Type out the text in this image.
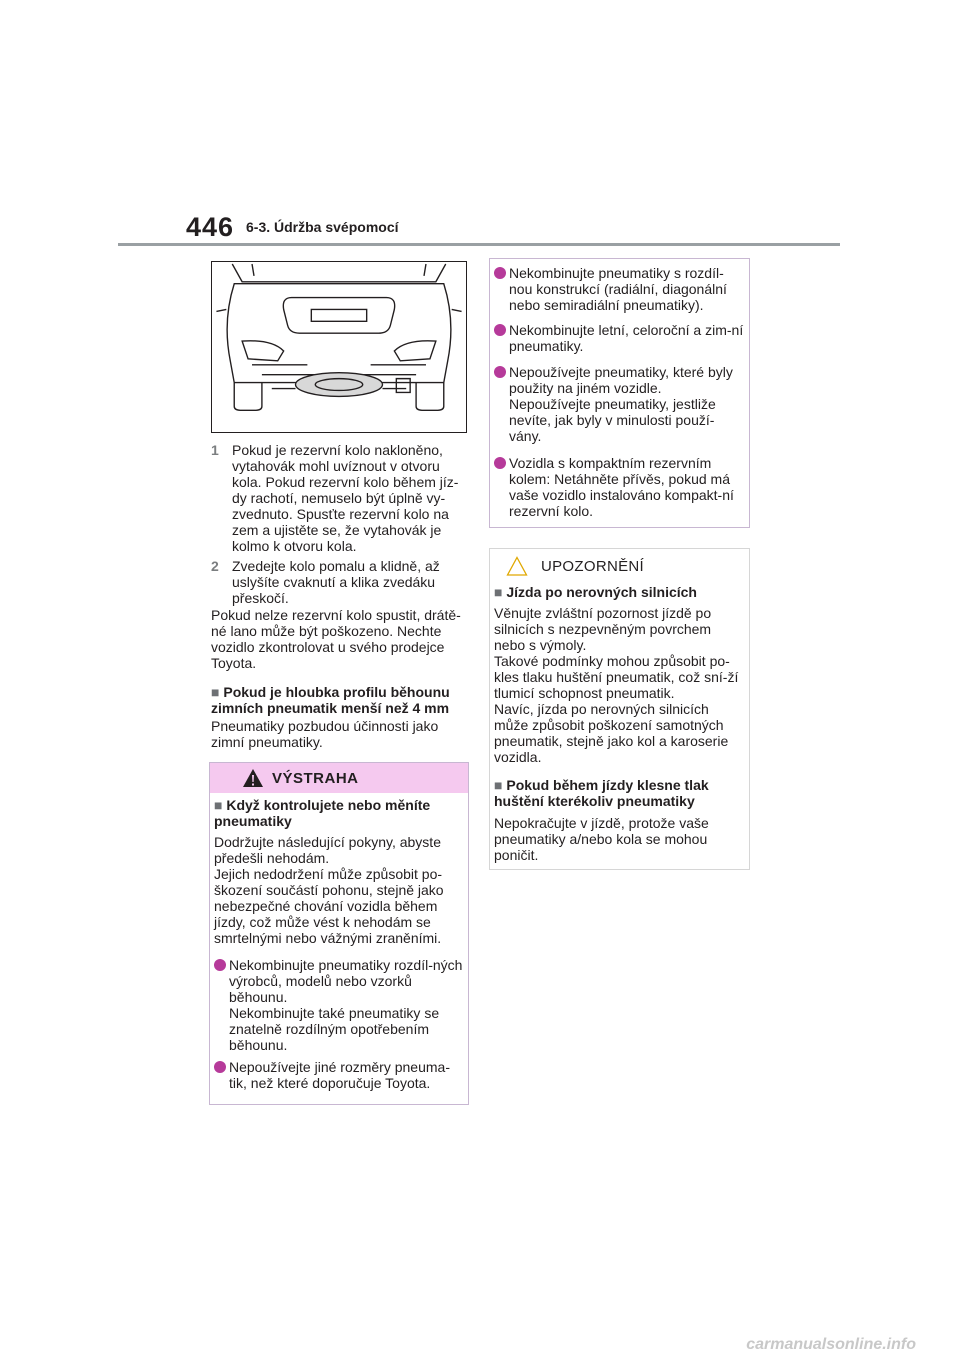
446 6-3. Údržba svépomocí
1 Pokud je rezervní kolo nakloněno, vytahovák mohl uvíznout v otvoru kola. Pokud rezervní kolo během jíz-dy rachotí, nemuselo být úplně vy-zvednuto. Spusťte rezervní kolo na zem a ujistěte se, že vytahovák je kolmo k otvoru kola.
2 Zvedejte kolo pomalu a klidně, až uslyšíte cvaknutí a klika zvedáku přeskočí.
Pokud nelze rezervní kolo spustit, drátě-né lano může být poškozeno. Nechte vozidlo zkontrolovat u svého prodejce Toyota.
■ Pokud je hloubka profilu běhounu zimních pneumatik menší než 4 mm
Pneumatiky pozbudou účinnosti jako zimní pneumatiky.
VÝSTRAHA
■ Když kontrolujete nebo měníte pneumatiky
Dodržujte následující pokyny, abyste předešli nehodám.
Jejich nedodržení může způsobit po-škození součástí pohonu, stejně jako nebezpečné chování vozidla během jízdy, což může vést k nehodám se smrtelnými nebo vážnými zraněními.
Nekombinujte pneumatiky rozdíl-ných výrobců, modelů nebo vzorků běhounu.
Nekombinujte také pneumatiky se znatelně rozdílným opotřebením běhounu.
Nepoužívejte jiné rozměry pneuma-tik, než které doporučuje Toyota.
Nekombinujte pneumatiky s rozdíl-nou konstrukcí (radiální, diagonální nebo semiradiální pneumatiky).
Nekombinujte letní, celoroční a zim-ní pneumatiky.
Nepoužívejte pneumatiky, které byly použity na jiném vozidle.
Nepoužívejte pneumatiky, jestliže nevíte, jak byly v minulosti použí-vány.
Vozidla s kompaktním rezervním kolem: Netáhněte přívěs, pokud má vaše vozidlo instalováno kompakt-ní rezervní kolo.
UPOZORNĚNÍ
■ Jízda po nerovných silnicích
Věnujte zvláštní pozornost jízdě po silnicích s nezpevněným povrchem nebo s výmoly.
Takové podmínky mohou způsobit po-kles tlaku huštění pneumatik, což sní-ží tlumicí schopnost pneumatik.
Navíc, jízda po nerovných silnicích může způsobit poškození samotných pneumatik, stejně jako kol a karoserie vozidla.
■ Pokud během jízdy klesne tlak huštění kterékoliv pneumatiky
Nepokračujte v jízdě, protože vaše pneumatiky a/nebo kola se mohou poničit.
carmanualsonline.info
